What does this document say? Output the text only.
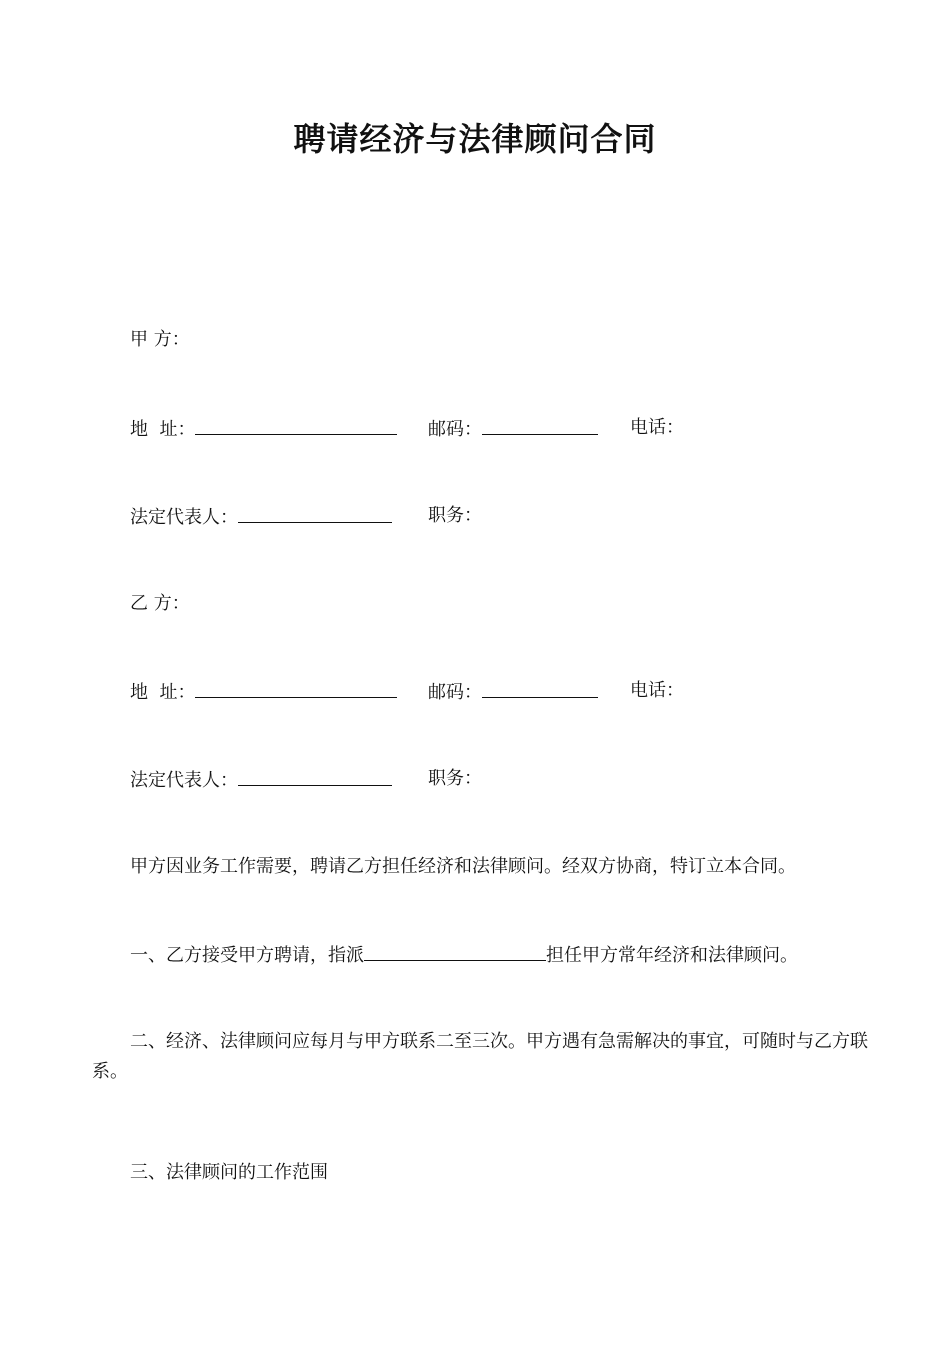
聘请经济与法律顾问合同
甲 方：
地  址：	邮码：	电话：
法定代表人：	职务：
乙 方：
地  址：	邮码：	电话：
法定代表人：	职务：
甲方因业务工作需要，聘请乙方担任经济和法律顾问。经双方协商，特订立本合同。
一、乙方接受甲方聘请，指派	担任甲方常年经济和法律顾问。
二、经济、法律顾问应每月与甲方联系二至三次。甲方遇有急需解决的事宜，可随时与乙方联系。
三、法律顾问的工作范围
